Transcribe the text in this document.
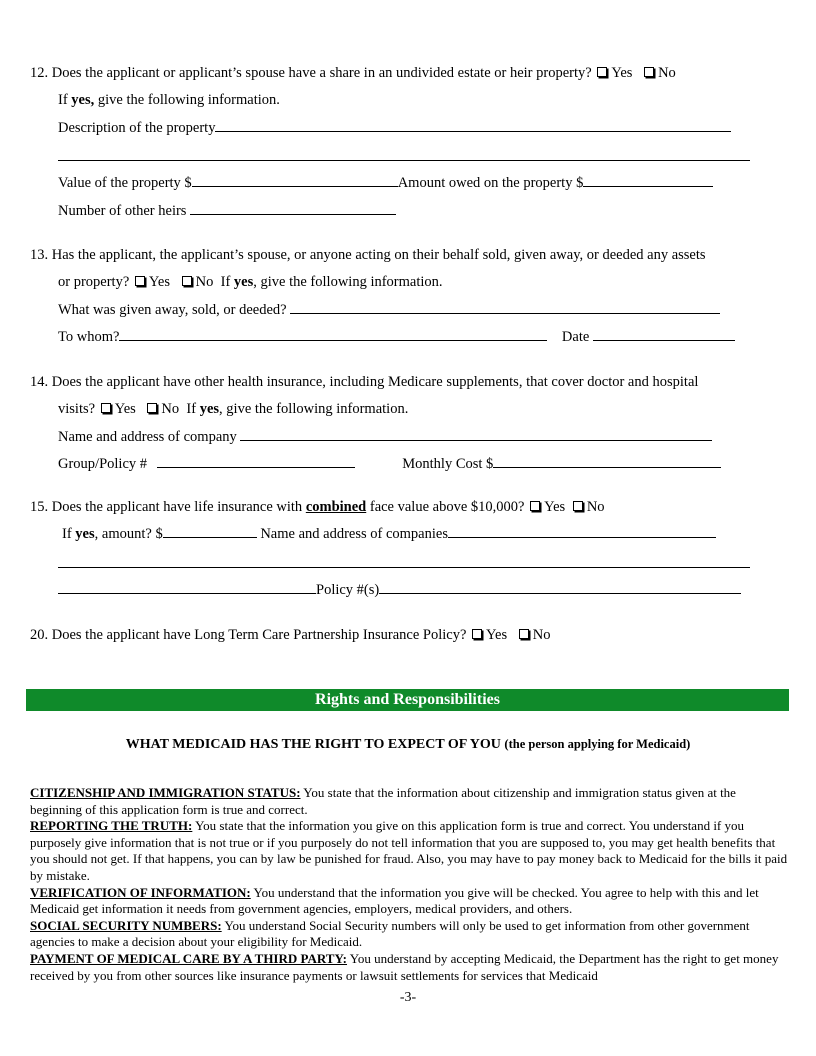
12. Does the applicant or applicant’s spouse have a share in an undivided estate or heir property? Yes No
If yes, give the following information.
Description of the property
Value of the property $	Amount owed on the property $
Number of other heirs
13. Has the applicant, the applicant’s spouse, or anyone acting on their behalf sold, given away, or deeded any assets
or property? Yes No If yes, give the following information.
What was given away, sold, or deeded?
To whom?	Date
14. Does the applicant have other health insurance, including Medicare supplements, that cover doctor and hospital
visits? Yes No If yes, give the following information.
Name and address of company
Group/Policy #	Monthly Cost $
15. Does the applicant have life insurance with combined face value above $10,000? Yes No
If yes, amount? $	Name and address of companies
Policy #(s)
20. Does the applicant have Long Term Care Partnership Insurance Policy? Yes No
Rights and Responsibilities
WHAT MEDICAID HAS THE RIGHT TO EXPECT OF YOU (the person applying for Medicaid)

CITIZENSHIP AND IMMIGRATION STATUS: You state that the information about citizenship and immigration status given at the beginning of this application form is true and correct.

REPORTING THE TRUTH: You state that the information you give on this application form is true and correct. You understand if you purposely give information that is not true or if you purposely do not tell information that you are supposed to, you may get health benefits that you should not get. If that happens, you can by law be punished for fraud. Also, you may have to pay money back to Medicaid for the bills it paid by mistake.

VERIFICATION OF INFORMATION: You understand that the information you give will be checked. You agree to help with this and let Medicaid get information it needs from government agencies, employers, medical providers, and others.

SOCIAL SECURITY NUMBERS: You understand Social Security numbers will only be used to get information from other government agencies to make a decision about your eligibility for Medicaid.

PAYMENT OF MEDICAL CARE BY A THIRD PARTY: You understand by accepting Medicaid, the Department has the right to get money received by you from other sources like insurance payments or lawsuit settlements for services that Medicaid

-3-
